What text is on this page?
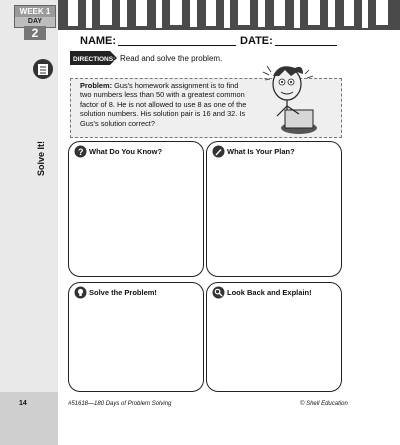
WEEK 1
DAY
2
Solve It!
NAME:	DATE:
DIRECTIONS: Read and solve the problem.
Problem: Gus's homework assignment is to find two numbers less than 50 with a greatest common factor of 8. He is not allowed to use 8 as one of the solution numbers. His solution pair is 16 and 32. Is Gus's solution correct?
? What Do You Know?	What Is Your Plan?
Solve the Problem!	Look Back and Explain!
14	#51618—180 Days of Problem Solving	© Shell Education
